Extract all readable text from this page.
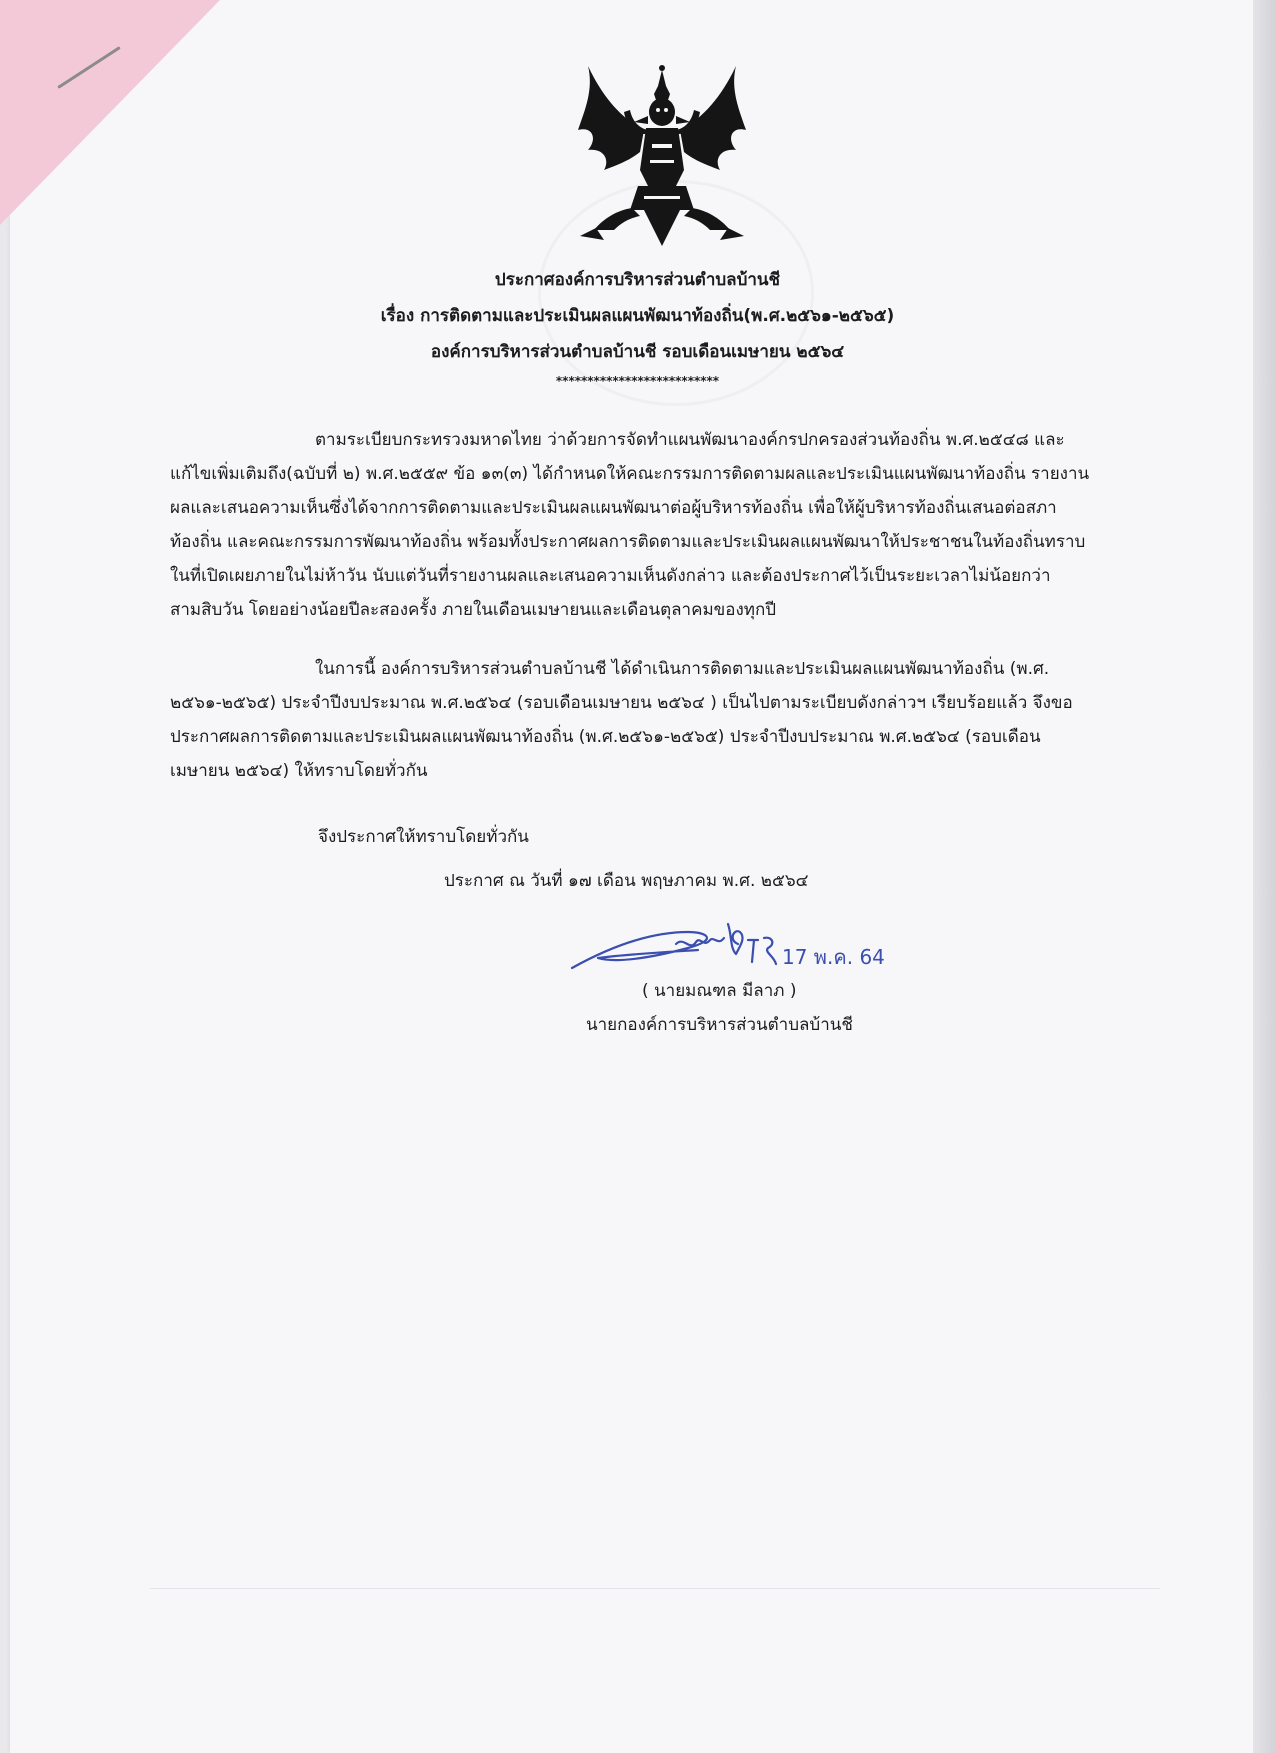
ประกาศองค์การบริหารส่วนตำบลบ้านชี
เรื่อง การติดตามและประเมินผลแผนพัฒนาท้องถิ่น(พ.ศ.๒๕๖๑-๒๕๖๕)
องค์การบริหารส่วนตำบลบ้านชี รอบเดือนเมษายน ๒๕๖๔
**************************
ตามระเบียบกระทรวงมหาดไทย ว่าด้วยการจัดทำแผนพัฒนาองค์กรปกครองส่วนท้องถิ่น พ.ศ.๒๕๔๘ และ
แก้ไขเพิ่มเติมถึง(ฉบับที่ ๒) พ.ศ.๒๕๕๙ ข้อ ๑๓(๓) ได้กำหนดให้คณะกรรมการติดตามผลและประเมินแผนพัฒนาท้องถิ่น รายงาน
ผลและเสนอความเห็นซึ่งได้จากการติดตามและประเมินผลแผนพัฒนาต่อผู้บริหารท้องถิ่น เพื่อให้ผู้บริหารท้องถิ่นเสนอต่อสภา
ท้องถิ่น และคณะกรรมการพัฒนาท้องถิ่น พร้อมทั้งประกาศผลการติดตามและประเมินผลแผนพัฒนาให้ประชาชนในท้องถิ่นทราบ
ในที่เปิดเผยภายในไม่ห้าวัน นับแต่วันที่รายงานผลและเสนอความเห็นดังกล่าว และต้องประกาศไว้เป็นระยะเวลาไม่น้อยกว่า
สามสิบวัน โดยอย่างน้อยปีละสองครั้ง ภายในเดือนเมษายนและเดือนตุลาคมของทุกปี
ในการนี้ องค์การบริหารส่วนตำบลบ้านชี ได้ดำเนินการติดตามและประเมินผลแผนพัฒนาท้องถิ่น (พ.ศ.
๒๕๖๑-๒๕๖๕) ประจำปีงบประมาณ พ.ศ.๒๕๖๔ (รอบเดือนเมษายน ๒๕๖๔ ) เป็นไปตามระเบียบดังกล่าวฯ เรียบร้อยแล้ว จึงขอ
ประกาศผลการติดตามและประเมินผลแผนพัฒนาท้องถิ่น (พ.ศ.๒๕๖๑-๒๕๖๕) ประจำปีงบประมาณ พ.ศ.๒๕๖๔ (รอบเดือน
เมษายน ๒๕๖๔) ให้ทราบโดยทั่วกัน
จึงประกาศให้ทราบโดยทั่วกัน
ประกาศ ณ วันที่ ๑๗ เดือน พฤษภาคม พ.ศ. ๒๕๖๔
17 พ.ค. 64
( นายมณฑล มีลาภ )
นายกองค์การบริหารส่วนตำบลบ้านชี
